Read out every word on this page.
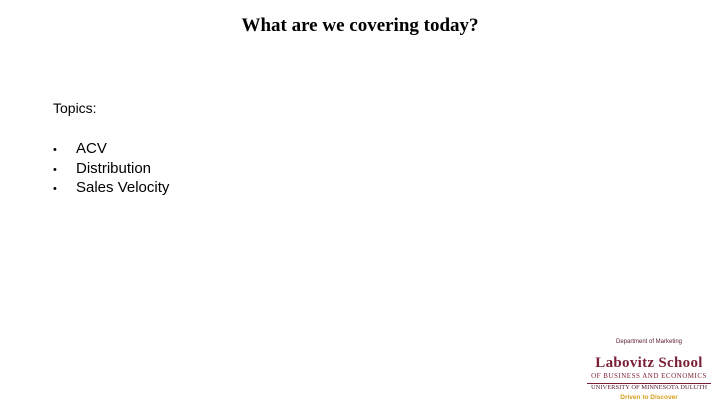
What are we covering today?
Topics:
• ACV
• Distribution
• Sales Velocity
Department of Marketing
Labovitz School
OF BUSINESS AND ECONOMICS
UNIVERSITY OF MINNESOTA DULUTH
Driven to Discover
